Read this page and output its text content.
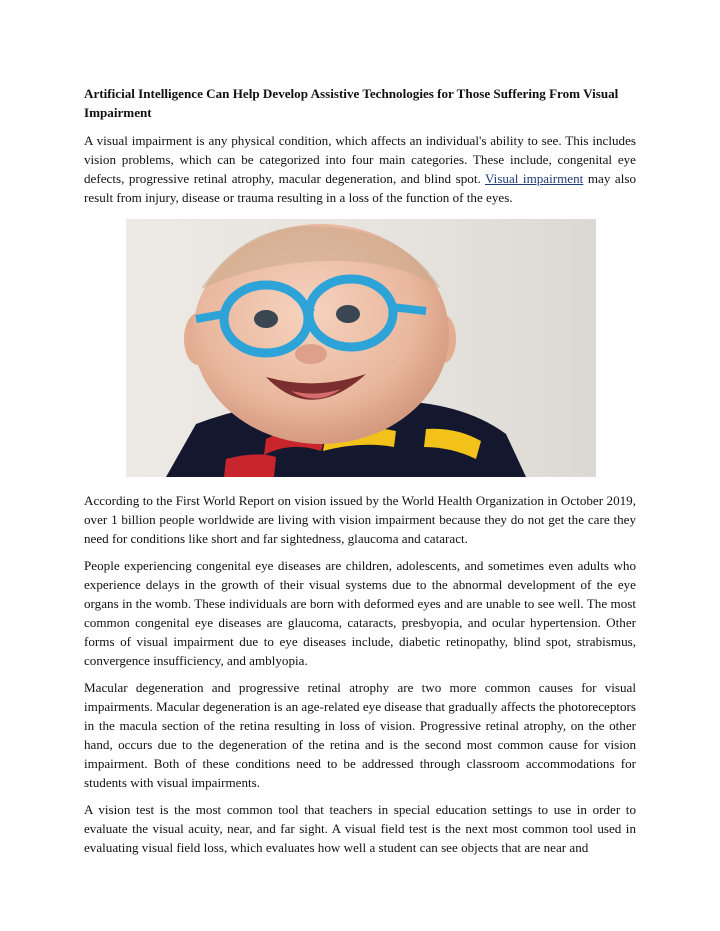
Artificial Intelligence Can Help Develop Assistive Technologies for Those Suffering From Visual Impairment

A visual impairment is any physical condition, which affects an individual's ability to see. This includes vision problems, which can be categorized into four main categories. These include, congenital eye defects, progressive retinal atrophy, macular degeneration, and blind spot. Visual impairment may also result from injury, disease or trauma resulting in a loss of the function of the eyes.

According to the First World Report on vision issued by the World Health Organization in October 2019, over 1 billion people worldwide are living with vision impairment because they do not get the care they need for conditions like short and far sightedness, glaucoma and cataract.

People experiencing congenital eye diseases are children, adolescents, and sometimes even adults who experience delays in the growth of their visual systems due to the abnormal development of the eye organs in the womb. These individuals are born with deformed eyes and are unable to see well. The most common congenital eye diseases are glaucoma, cataracts, presbyopia, and ocular hypertension. Other forms of visual impairment due to eye diseases include, diabetic retinopathy, blind spot, strabismus, convergence insufficiency, and amblyopia.

Macular degeneration and progressive retinal atrophy are two more common causes for visual impairments. Macular degeneration is an age-related eye disease that gradually affects the photoreceptors in the macula section of the retina resulting in loss of vision. Progressive retinal atrophy, on the other hand, occurs due to the degeneration of the retina and is the second most common cause for vision impairment. Both of these conditions need to be addressed through classroom accommodations for students with visual impairments.

A vision test is the most common tool that teachers in special education settings to use in order to evaluate the visual acuity, near, and far sight. A visual field test is the next most common tool used in evaluating visual field loss, which evaluates how well a student can see objects that are near and
